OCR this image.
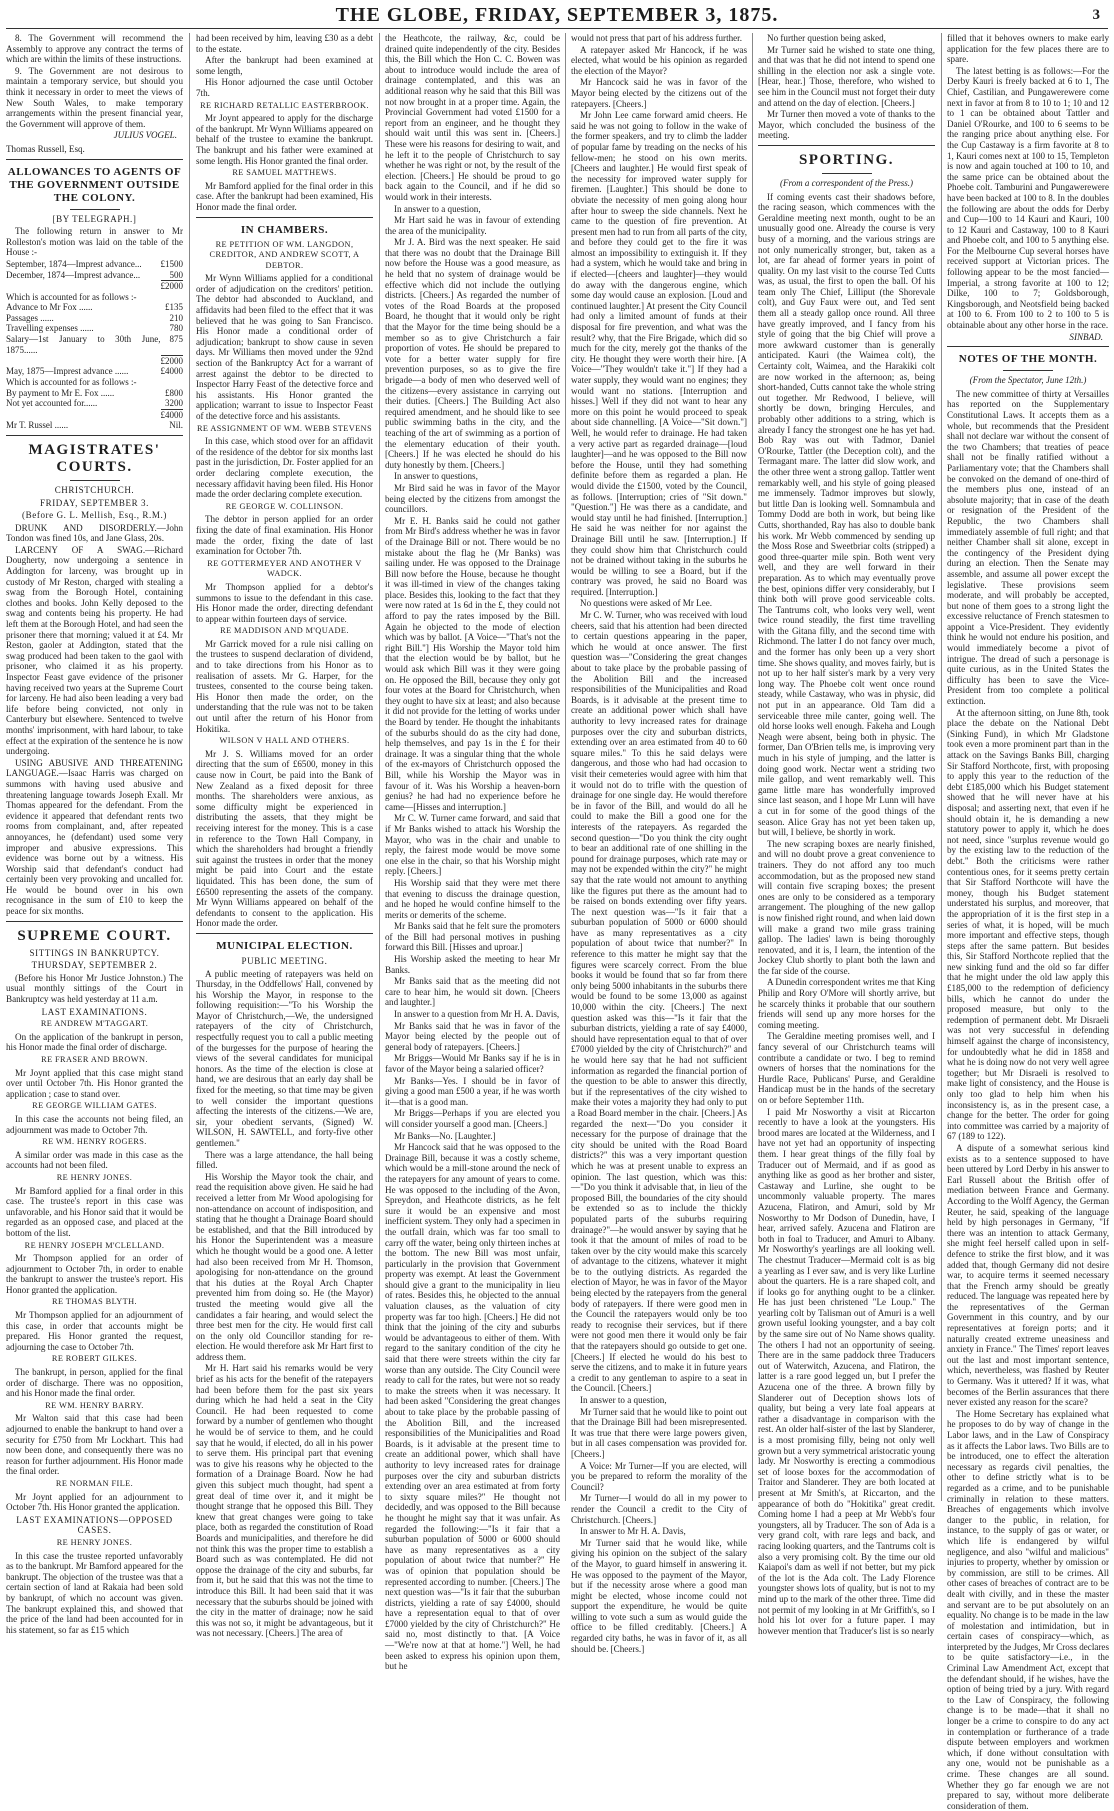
THE GLOBE, FRIDAY, SEPTEMBER 3, 1875.	3

8. The Government will recommend the Assembly to approve any contract the terms of which are within the limits of these instructions.

9. The Government are not desirous to maintain a temporary service, but should you think it necessary in order to meet the views of New South Wales, to make temporary arrangements within the present financial year, the Government will approve of them.

JULIUS VOGEL.

Thomas Russell, Esq.

ALLOWANCES TO AGENTS OF THE GOVERNMENT OUTSIDE THE COLONY.
[BY TELEGRAPH.]

The following return in answer to Mr Rolleston's motion was laid on the table of the House :-

September, 1874—Imprest advance...	£1500
December, 1874—Imprest advance...	500
	£2000
Which is accounted for as follows :-	
Advance to Mr Fox ......	£135
Passages ......	210
Travelling expenses ......	780
Salary—1st January to 30th June, 1875......	875
	£2000
May, 1875—Imprest advance ......	£4000
Which is accounted for as follows :-	
By payment to Mr E. Fox ......	£800
Not yet accounted for......	3200
	£4000
Mr T. Russel ......	Nil.
MAGISTRATES' COURTS.
CHRISTCHURCH.
FRIDAY, SEPTEMBER 3.
(Before G. L. Mellish, Esq., R.M.)

DRUNK AND DISORDERLY.—John Tondon was fined 10s, and Jane Glass, 20s.

LARCENY OF A SWAG.—Richard Dougherty, now undergoing a sentence in Addington for larceny, was brought up in custody of Mr Reston, charged with stealing a swag from the Borough Hotel, containing clothes and books. John Kelly deposed to the swag and contents being his property. He had left them at the Borough Hotel, and had seen the prisoner there that morning; valued it at £4. Mr Reston, gaoler at Addington, stated that the swag produced had been taken to the gaol with prisoner, who claimed it as his property. Inspector Feast gave evidence of the prisoner having received two years at the Supreme Court for larceny. He had also been leading a very bad life before being convicted, not only in Canterbury but elsewhere. Sentenced to twelve months' imprisonment, with hard labour, to take effect at the expiration of the sentence he is now undergoing.

USING ABUSIVE AND THREATENING LANGUAGE.—Isaac Harris was charged on summons with having used abusive and threatening language towards Joseph Exall. Mr Thomas appeared for the defendant. From the evidence it appeared that defendant rents two rooms from complainant, and, after repeated annoyances, he (defendant) used some very improper and abusive expressions. This evidence was borne out by a witness. His Worship said that defendant's conduct had certainly been very provoking and uncalled for. He would be bound over in his own recognisance in the sum of £10 to keep the peace for six months.

SUPREME COURT.
SITTINGS IN BANKRUPTCY.
THURSDAY, SEPTEMBER 2.

(Before his Honor Mr Justice Johnston.) The usual monthly sittings of the Court in Bankruptcy was held yesterday at 11 a.m.

LAST EXAMINATIONS.
RE ANDREW M'TAGGART.

On the application of the bankrupt in person, his Honor made the final order of discharge.

RE FRASER AND BROWN.

Mr Joynt applied that this case might stand over until October 7th. His Honor granted the application ; case to stand over.

RE GEORGE WILLIAM GATES.

In this case the accounts not being filed, an adjournment was made to October 7th.

RE WM. HENRY ROGERS.

A similar order was made in this case as the accounts had not been filed.

RE HENRY JONES.

Mr Bamford applied for a final order in this case. The trustee's report in this case was unfavorable, and his Honor said that it would be regarded as an opposed case, and placed at the bottom of the list.

RE HENRY JOSEPH M'CLELLAND.

Mr Thompson applied for an order of adjournment to October 7th, in order to enable the bankrupt to answer the trustee's report. His Honor granted the application.

RE THOMAS BLYTH.

Mr Thompson applied for an adjournment of this case, in order that accounts might be prepared. His Honor granted the request, adjourning the case to October 7th.

RE ROBERT GILKES.

The bankrupt, in person, applied for the final order of discharge. There was no opposition, and his Honor made the final order.

RE WM. HENRY BARRY.

Mr Walton said that this case had been adjourned to enable the bankrupt to hand over a security for £750 from Mr Lockhart. This had now been done, and consequently there was no reason for further adjournment. His Honor made the final order.

RE NORMAN FILE.

Mr Joynt applied for an adjournment to October 7th. His Honor granted the application.

LAST EXAMINATIONS—OPPOSED CASES.
RE HENRY JONES.

In this case the trustee reported unfavorably as to the bankrupt. Mr Bamford appeared for the bankrupt. The objection of the trustee was that a certain section of land at Rakaia had been sold by bankrupt, of which no account was given. The bankrupt explained this, and showed that the price of the land had been accounted for in his statement, so far as £15 which

had been received by him, leaving £30 as a debt to the estate.

After the bankrupt had been examined at some length,

His Honor adjourned the case until October 7th.

RE RICHARD RETALLIC EASTERBROOK.

Mr Joynt appeared to apply for the discharge of the bankrupt. Mr Wynn Williams appeared on behalf of the trustee to examine the bankrupt. The bankrupt and his father were examined at some length. His Honor granted the final order.

RE SAMUEL MATTHEWS.

Mr Bamford applied for the final order in this case. After the bankrupt had been examined, His Honor made the final order.

IN CHAMBERS.
RE PETITION OF WM. LANGDON, CREDITOR, AND ANDREW SCOTT, A DEBTOR.

Mr Wynn Williams applied for a conditional order of adjudication on the creditors' petition. The debtor had absconded to Auckland, and affidavits had been filed to the effect that it was believed that he was going to San Francisco. His Honor made a conditional order of adjudication; bankrupt to show cause in seven days. Mr Williams then moved under the 92nd section of the Bankruptcy Act for a warrant of arrest against the debtor to be directed to Inspector Harry Feast of the detective force and his assistants. His Honor granted the application; warrant to issue to Inspector Feast of the detective force and his assistants.

RE ASSIGNMENT OF WM. WEBB STEVENS

In this case, which stood over for an affidavit of the residence of the debtor for six months last past in the jurisdiction, Dr. Foster applied for an order declaring complete execution, the necessary affidavit having been filed. His Honor made the order declaring complete execution.

RE GEORGE W. COLLINSON.

The debtor in person applied for an order fixing the date of final examination. His Honor made the order, fixing the date of last examination for October 7th.

RE GOTTERMEYER AND ANOTHER V WADCK.

Mr Thompson applied for a debtor's summons to issue to the defendant in this case. His Honor made the order, directing defendant to appear within fourteen days of service.

RE MADDISON AND M'QUADE.

Mr Garrick moved for a rule nisi calling on the trustees to suspend declaration of dividend, and to take directions from his Honor as to realisation of assets. Mr G. Harper, for the trustees, consented to the course being taken. His Honor then made the order, on the understanding that the rule was not to be taken out until after the return of his Honor from Hokitika.

WILSON V HALL AND OTHERS.

Mr J. S. Williams moved for an order directing that the sum of £6500, money in this cause now in Court, be paid into the Bank of New Zealand as a fixed deposit for three months. The shareholders were anxious, as some difficulty might be experienced in distributing the assets, that they might be receiving interest for the money. This is a case in reference to the Town Hall Company, in which the shareholders had brought a friendly suit against the trustees in order that the money might be paid into Court and the estate liquidated. This has been done, the sum of £6500 representing the assets of the company. Mr Wynn Williams appeared on behalf of the defendants to consent to the application. His Honor made the order.

MUNICIPAL ELECTION.
PUBLIC MEETING.

A public meeting of ratepayers was held on Thursday, in the Oddfellows' Hall, convened by his Worship the Mayor, in response to the following requisition:—"To his Worship the Mayor of Christchurch,—We, the undersigned ratepayers of the city of Christchurch, respectfully request you to call a public meeting of the burgesses for the purpose of hearing the views of the several candidates for municipal honors. As the time of the election is close at hand, we are desirous that an early day shall be fixed for the meeting, so that time may be given to well consider the important questions affecting the interests of the citizens.—We are, sir, your obedient servants, (Signed) W. WILSON, H. SAWTELL, and forty-five other gentlemen."

There was a large attendance, the hall being filled.

His Worship the Mayor took the chair, and read the requisition above given. He said he had received a letter from Mr Wood apologising for non-attendance on account of indisposition, and stating that he thought a Drainage Board should be established, and that the Bill introduced by his Honor the Superintendent was a measure which he thought would be a good one. A letter had also been received from Mr H. Thomson, apologising for non-attendance on the ground that his duties at the Royal Arch Chapter prevented him from doing so. He (the Mayor) trusted the meeting would give all the candidates a fair hearing, and would select the three best men for the city. He would first call on the only old Councillor standing for re-election. He would therefore ask Mr Hart first to address them.

Mr H. Hart said his remarks would be very brief as his acts for the benefit of the ratepayers had been before them for the past six years during which he had held a seat in the City Council. He had been requested to come forward by a number of gentlemen who thought he would be of service to them, and he could say that he would, if elected, do all in his power to serve them. His principal part that evening was to give his reasons why he objected to the formation of a Drainage Board. Now he had given this subject much thought, had spent a great deal of time over it, and it might be thought strange that he opposed this Bill. They knew that great changes were going to take place, both as regarded the constitution of Road Boards and municipalities, and therefore he did not think this was the proper time to establish a Board such as was contemplated. He did not oppose the drainage of the city and suburbs, far from it, but he said that this was not the time to introduce this Bill. It had been said that it was necessary that the suburbs should be joined with the city in the matter of drainage; now he said this was not so, it might be advantageous, but it was not necessary. [Cheers.] The area of

the Heathcote, the railway, &c, could be drained quite independently of the city. Besides this, the Bill which the Hon C. C. Bowen was about to introduce would include the area of drainage contemplated, and this was an additional reason why he said that this Bill was not now brought in at a proper time. Again, the Provincial Government had voted £1500 for a report from an engineer, and he thought they should wait until this was sent in. [Cheers.] These were his reasons for desiring to wait, and he left it to the people of Christchurch to say whether he was right or not, by the result of the election. [Cheers.] He should be proud to go back again to the Council, and if he did so would work in their interests.

In answer to a question,

Mr Hart said he was in favour of extending the area of the municipality.

Mr J. A. Bird was the next speaker. He said that there was no doubt that the Drainage Bill now before the House was a good measure, as he held that no system of drainage would be effective which did not include the outlying districts. [Cheers.] As regarded the number of votes of the Road Boards at the proposed Board, he thought that it would only be right that the Mayor for the time being should be a member so as to give Christchurch a fair proportion of votes. He should be prepared to vote for a better water supply for fire prevention purposes, so as to give the fire brigade—a body of men who deserved well of the citizens—every assistance in carrying out their duties. [Cheers.] The Building Act also required amendment, and he should like to see public swimming baths in the city, and the teaching of the art of swimming as a portion of the elementary education of their youth. [Cheers.] If he was elected he should do his duty honestly by them. [Cheers.]

In answer to questions,

Mr Bird said he was in favor of the Mayor being elected by the citizens from amongst the councillors.

Mr E. H. Banks said he could not gather from Mr Bird's address whether he was in favor of the Drainage Bill or not. There would be no mistake about the flag he (Mr Banks) was sailing under. He was opposed to the Drainage Bill now before the House, because he thought it was ill-timed in view of the changes taking place. Besides this, looking to the fact that they were now rated at 1s 6d in the £, they could not afford to pay the rates imposed by the Bill. Again he objected to the mode of election which was by ballot. [A Voice—"That's not the right Bill."] His Worship the Mayor told him that the election would be by ballot, but he would ask which Bill was it they were going on. He opposed the Bill, because they only got four votes at the Board for Christchurch, when they ought to have six at least; and also because it did not provide for the letting of works under the Board by tender. He thought the inhabitants of the suburbs should do as the city had done, help themselves, and pay 1s in the £ for their drainage. It was a singular thing that the whole of the ex-mayors of Christchurch opposed the Bill, while his Worship the Mayor was in favour of it. Was his Worship a heaven-born genius? he had had no experience before he came—[Hisses and interruption.]

Mr C. W. Turner came forward, and said that if Mr Banks wished to attack his Worship the Mayor, who was in the chair and unable to reply, the fairest mode would be move some one else in the chair, so that his Worship might reply. [Cheers.]

His Worship said that they were met there that evening to discuss the drainage question, and he hoped he would confine himself to the merits or demerits of the scheme.

Mr Banks said that he felt sure the promoters of the Bill had personal motives in pushing forward this Bill. [Hisses and uproar.]

His Worship asked the meeting to hear Mr Banks.

Mr Banks said that as the meeting did not care to hear him, he would sit down. [Cheers and laughter.]

In answer to a question from Mr H. A. Davis,

Mr Banks said that he was in favor of the Mayor being elected by the people out of general body of ratepayers. [Cheers.]

Mr Briggs—Would Mr Banks say if he is in favor of the Mayor being a salaried officer?

Mr Banks—Yes. I should be in favor of giving a good man £500 a year, if he was worth it—that is a good man.

Mr Briggs—Perhaps if you are elected you will consider yourself a good man. [Cheers.]

Mr Banks—No. [Laughter.]

Mr Hancock said that he was opposed to the Drainage Bill, because it was a costly scheme, which would be a mill-stone around the neck of the ratepayers for any amount of years to come. He was opposed to the including of the Avon, Spreydon, and Heathcote districts, as he felt sure it would be an expensive and most inefficient system. They only had a specimen in the outfall drain, which was far too small to carry off the water, being only thirteen inches at the bottom. The new Bill was most unfair, particularly in the provision that Government property was exempt. At least the Government should give a grant to the municipality in lieu of rates. Besides this, he objected to the annual valuation clauses, as the valuation of city property was far too high. [Cheers.] He did not think that the joining of the city and suburbs would be advantageous to either of them. With regard to the sanitary condition of the city he said that there were streets within the city far worse than any outside. The City Council were ready to call for the rates, but were not so ready to make the streets when it was necessary. It had been asked "Considering the great changes about to take place by the probable passing of the Abolition Bill, and the increased responsibilities of the Municipalities and Road Boards, is it advisable at the present time to create an additional power, which shall have authority to levy increased rates for drainage purposes over the city and suburban districts extending over an area estimated at from forty to sixty square miles?" He thought not decidedly, and was opposed to the Bill because he thought he might say that it was unfair. As regarded the following:—"Is it fair that a suburban population of 5000 or 6000 should have as many representatives as a city population of about twice that number?" He was of opinion that population should be represented according to number. [Cheers.] The next question was—"Is it fair that the suburban districts, yielding a rate of say £4000, should have a representation equal to that of over £7000 yielded by the city of Christchurch?" He said no, most distinctly to that. [A Voice—"We're now at that at home."] Well, he had been asked to express his opinion upon them, but he

would not press that part of his address further.

A ratepayer asked Mr Hancock, if he was elected, what would be his opinion as regarded the election of the Mayor?

Mr Hancock said he was in favor of the Mayor being elected by the citizens out of the ratepayers. [Cheers.]

Mr John Lee came forward amid cheers. He said he was not going to follow in the wake of the former speakers, and try to climb the ladder of popular fame by treading on the necks of his fellow-men; he stood on his own merits. [Cheers and laughter.] He would first speak of the necessity for improved water supply for firemen. [Laughter.] This should be done to obviate the necessity of men going along hour after hour to sweep the side channels. Next he came to the question of fire prevention. At present men had to run from all parts of the city, and before they could get to the fire it was almost an impossibility to extinguish it. If they had a system, which he would take and bring in if elected—[cheers and laughter]—they would do away with the dangerous engine, which some day would cause an explosion. [Loud and continued laughter.] At present the City Council had only a limited amount of funds at their disposal for fire prevention, and what was the result? why, that the Fire Brigade, which did so much for the city, merely got the thanks of the city. He thought they were worth their hire. [A Voice—"They wouldn't take it."] If they had a water supply, they would want no engines; they would want no stations. [Interruption and hisses.] Well if they did not want to hear any more on this point he would proceed to speak about side channelling. [A Voice—"Sit down."] Well, he would refer to drainage. He had taken a very active part as regarded drainage—[loud laughter]—and he was opposed to the Bill now before the House, until they had something definite before them as regarded a plan. He would divide the £1500, voted by the Council, as follows. [Interruption; cries of "Sit down." "Question."] He was there as a candidate, and would stay until he had finished. [Interruption.] He said he was neither for nor against the Drainage Bill until he saw. [Interruption.] If they could show him that Christchurch could not be drained without taking in the suburbs he would be willing to see a Board, but if the contrary was proved, he said no Board was required. [Interruption.]

No questions were asked of Mr Lee.

Mr C. W. Turner, who was received with loud cheers, said that his attention had been directed to certain questions appearing in the paper, which he would at once answer. The first question was—"Considering the great changes about to take place by the probable passing of the Abolition Bill and the increased responsibilities of the Municipalities and Road Boards, is it advisable at the present time to create an additional power which shall have authority to levy increased rates for drainage purposes over the city and suburban districts, extending over an area estimated from 40 to 60 square miles." To this he said delays were dangerous, and those who had had occasion to visit their cemeteries would agree with him that it would not do to trifle with the question of drainage for one single day. He would therefore be in favor of the Bill, and would do all he could to make the Bill a good one for the interests of the ratepayers. As regarded the second question—"Do you think the city ought to bear an additional rate of one shilling in the pound for drainage purposes, which rate may or may not be expended within the city?" he might say that the rate would not amount to anything like the figures put there as the amount had to be raised on bonds extending over fifty years. The next question was—"Is it fair that a suburban population of 5000 or 6000 should have as many representatives as a city population of about twice that number?" In reference to this matter he might say that the figures were scarcely correct. From the blue books it would be found that so far from there only being 5000 inhabitants in the suburbs there would be found to be some 13,000 as against 10,000 within the city. [Cheers.] The next question asked was this—"Is it fair that the suburban districts, yielding a rate of say £4000, should have representation equal to that of over £7000 yielded by the city of Christchurch?" and he would here say that he had not sufficient information as regarded the financial portion of the question to be able to answer this directly, but if the representatives of the city wished to make their votes a majority they had only to put a Road Board member in the chair. [Cheers.] As regarded the next—"Do you consider it necessary for the purpose of drainage that the city should be united with the Road Board districts?" this was a very important question which he was at present unable to express an opinion. The last question, which was this:—"Do you think it advisable that, in lieu of the proposed Bill, the boundaries of the city should be extended so as to include the thickly populated parts of the suburbs requiring drainage?"—he would answer by saying that he took it that the amount of miles of road to be taken over by the city would make this scarcely of advantage to the citizens, whatever it might be to the outlying districts. As regarded the election of Mayor, he was in favor of the Mayor being elected by the ratepayers from the general body of ratepayers. If there were good men in the Council the ratepayers would only be too ready to recognise their services, but if there were not good men there it would only be fair that the ratepayers should go outside to get one. [Cheers.] If elected he would do his best to serve the citizens, and to make it in future years a credit to any gentleman to aspire to a seat in the Council. [Cheers.]

In answer to a question,

Mr Turner said that he would like to point out that the Drainage Bill had been misrepresented. It was true that there were large powers given, but in all cases compensation was provided for. [Cheers.]

A Voice: Mr Turner—If you are elected, will you be prepared to reform the morality of the Council?

Mr Turner—I would do all in my power to render the Council a credit to the City of Christchurch. [Cheers.]

In answer to Mr H. A. Davis,

Mr Turner said that he would like, while giving his opinion on the subject of the salary of the Mayor, to guard himself in answering it. He was opposed to the payment of the Mayor, but if the necessity arose where a good man might be elected, whose income could not support the expenditure, he would be quite willing to vote such a sum as would guide the office to be filled creditably. [Cheers.] A regarded city baths, he was in favor of it, as all should be. [Cheers.]

No further question being asked,

Mr Turner said he wished to state one thing, and that was that he did not intend to spend one shilling in the election nor ask a single vote. [Hear, hear.] Those, therefore, who wished to see him in the Council must not forget their duty and attend on the day of election. [Cheers.]

Mr Turner then moved a vote of thanks to the Mayor, which concluded the business of the meeting.

SPORTING.
(From a correspondent of the Press.)

If coming events cast their shadows before, the racing season, which commences with the Geraldine meeting next month, ought to be an unusually good one. Already the course is very busy of a morning, and the various strings are not only numerically stronger, but, taken as a lot, are far ahead of former years in point of quality. On my last visit to the course Ted Cutts was, as usual, the first to open the ball. Of his team only The Chief, Lilliput (the Shorevale colt), and Guy Faux were out, and Ted sent them all a steady gallop once round. All three have greatly improved, and I fancy from his style of going that the big Chief will prove a more awkward customer than is generally anticipated. Kauri (the Waimea colt), the Certainty colt, Waimea, and the Harakiki colt are now worked in the afternoon; as, being short-handed, Cutts cannot take the whole string out together. Mr Redwood, I believe, will shortly be down, bringing Hercules, and probably other additions to a string, which is already I fancy the strongest one he has yet had. Bob Ray was out with Tadmor, Daniel O'Rourke, Tattler (the Deception colt), and the Termagant mare. The latter did slow work, and the other three went a strong gallop. Tattler went remarkably well, and his style of going pleased me immensely. Tadmor improves but slowly, but little Dan is looking well. Somnambula and Tommy Dodd are both in work, but being like Cutts, shorthanded, Ray has also to double bank his work. Mr Webb commenced by sending up the Moss Rose and Sweetbriar colts (stripped) a good three-quarter mile spin. Both went very well, and they are well forward in their preparation. As to which may eventually prove the best, opinions differ very considerably, but I think both will prove good serviceable colts. The Tantrums colt, who looks very well, went twice round steadily, the first time travelling with the Gitana filly, and the second time with Richmond. The latter I do not fancy over much, and the former has only been up a very short time. She shows quality, and moves fairly, but is not up to her half sister's mark by a very very long way. The Phoebe colt went once round steady, while Castaway, who was in physic, did not put in an appearance. Old Tam did a serviceable three mile canter, going well. The old horse looks well enough. Fakeha and Lough Neagh were absent, being both in physic. The former, Dan O'Brien tells me, is improving very much in his style of jumping, and the latter is doing good work. Nectar went a striding two mile gallop, and went remarkably well. This game little mare has wonderfully improved since last season, and I hope Mr Lunn will have a cut in for some of the good things of the season. Alice Gray has not yet been taken up, but will, I believe, be shortly in work.

The new scraping boxes are nearly finished, and will no doubt prove a great convenience to trainers. They do not afford any too much accommodation, but as the proposed new stand will contain five scraping boxes; the present ones are only to be considered as a temporary arrangement. The ploughing of the new gallop is now finished right round, and when laid down will make a grand two mile grass training gallop. The ladies' lawn is being thoroughly renovated, and it is, I learn, the intention of the Jockey Club shortly to plant both the lawn and the far side of the course.

A Dunedin correspondent writes me that King Philip and Rory O'More will shortly arrive, but he scarcely thinks it probable that our southern friends will send up any more horses for the coming meeting.

The Geraldine meeting promises well, and I fancy several of our Christchurch teams will contribute a candidate or two. I beg to remind owners of horses that the nominations for the Hurdle Race, Publicans' Purse, and Geraldine Handicap must be in the hands of the secretary on or before September 11th.

I paid Mr Nosworthy a visit at Riccarton recently to have a look at the youngsters. His brood mares are located at the Wilderness, and I have not yet had an opportunity of inspecting them. I hear great things of the filly foal by Traducer out of Mermaid, and if as good as anything like as good as her brother and sister, Castaway and Lurline, she ought to be uncommonly valuable property. The mares Azucena, Flatiron, and Amuri, sold by Mr Nosworthy to Mr Dodson of Dunedin, have, I hear, arrived safely. Azucena and Flatiron are both in foal to Traducer, and Amuri to Albany. Mr Nosworthy's yearlings are all looking well. The chestnut Traducer—Mermaid colt is as big a yearling as I ever saw, and is very like Lurline about the quarters. He is a rare shaped colt, and if looks go for anything ought to be a clinker. He has just been christened "Le Loup." The yearling colt by Talisman out of Amuri is a well grown useful looking youngster, and a bay colt by the same sire out of No Name shows quality. The others I had not an opportunity of seeing. There are in the same paddock three Traducers out of Waterwitch, Azucena, and Flatiron, the latter is a rare good legged un, but I prefer the Azucena one of the three. A brown filly by Slanderer out of Deception shows lots of quality, but being a very late foal appears at rather a disadvantage in comparison with the rest. An older half-sister of the last by Slanderer, is a most promising filly, being not only well grown but a very symmetrical aristocratic young lady. Mr Nosworthy is erecting a commodious set of loose boxes for the accommodation of Traitor and Slanderer. They are both located at present at Mr Smith's, at Riccarton, and the appearance of both do "Hokitika" great credit. Coming home I had a peep at Mr Webb's four youngsters, all by Traducer. The son of Ada is a very grand colt, with rare legs and back, and racing looking quarters, and the Tantrums colt is also a very promising colt. By the time our old Kaiapoi's dam as well if not better, but my pick of the lot is the Ada colt. The Lady Florence youngster shows lots of quality, but is not to my mind up to the mark of the other three. Time did not permit of my looking in at Mr Griffith's, so I hold his lot over for a future paper. I may however mention that Traducer's list is so nearly

filled that it behoves owners to make early application for the few places there are to spare.

The latest betting is as follows:—For the Derby Kauri is freely backed at 6 to 1, The Chief, Castilian, and Pungawerewere come next in favor at from 8 to 10 to 1; 10 and 12 to 1 can be obtained about Tattler and Daniel O'Rourke, and 100 to 6 seems to be the ranging price about anything else. For the Cup Castaway is a firm favorite at 8 to 1, Kauri comes next at 100 to 15, Templeton is now and again touched at 100 to 10, and the same price can be obtained about the Phoebe colt. Tamburini and Pungawerewere have been backed at 100 to 8. In the doubles the following are about the odds for Derby and Cup—100 to 14 Kauri and Kauri, 100 to 12 Kauri and Castaway, 100 to 8 Kauri and Phoebe colt, and 100 to 5 anything else. For the Melbourne Cup several horses have received support at Victorian prices. The following appear to be the most fancied—Imperial, a strong favorite at 100 to 12; Dilke, 100 to 7; Goldsborough, Kingsborough, and Neotsfield being backed at 100 to 6. From 100 to 2 to 100 to 5 is obtainable about any other horse in the race.

SINBAD.
NOTES OF THE MONTH.
(From the Spectator, June 12th.)

The new committee of thirty at Versailles has reported on the Supplementary Constitutional Laws. It accepts them as a whole, but recommends that the President shall not declare war without the consent of the two Chambers; that treaties of peace shall not be finally ratified without a Parliamentary vote; that the Chambers shall be convoked on the demand of one-third of the members plus one, instead of an absolute majority; that in case of the death or resignation of the President of the Republic, the two Chambers shall immediately assemble of full right; and that neither Chamber shall sit alone, except in the contingency of the President dying during an election. Then the Senate may assemble, and assume all power except the legislative. These provisions seem moderate, and will probably be accepted, but none of them goes to a strong light the excessive reluctance of French statesmen to appoint a Vice-President. They evidently think he would not endure his position, and would immediately become a pivot of intrigue. The dread of such a personage is quite curious, as in the United States the difficulty has been to save the Vice-President from too complete a political extinction.

At the afternoon sitting, on June 8th, took place the debate on the National Debt (Sinking Fund), in which Mr Gladstone took even a more prominent part than in the attack on the Savings Banks Bill, charging Sir Stafford Northcote, first, with proposing to apply this year to the reduction of the debt £185,000 which his Budget statement showed that he will never have at his disposal; and asserting next, that even if he should obtain it, he is demanding a new statutory power to apply it, which he does not need, since "surplus revenue would go by the existing law to the reduction of the debt." Both the criticisms were rather contentious ones, for it seems pretty certain that Sir Stafford Northcote will have the money, though his Budget statement understated his surplus, and moreover, that the appropriation of it is the first step in a series of what, it is hoped, will be much more important and effective steps, though steps after the same pattern. But besides this, Sir Stafford Northcote replied that the new sinking fund and the old so far differ that he might under the old law apply this £185,000 to the redemption of deficiency bills, which he cannot do under the proposed measure, but only to the redemption of permanent debt. Mr Disraeli was not very successful in defending himself against the charge of inconsistency, for undoubtedly what he did in 1858 and what he is doing now do not very well agree together; but Mr Disraeli is resolved to make light of consistency, and the House is only too glad to help him when his inconsistency is, as in the present case, a change for the better. The order for going into committee was carried by a majority of 67 (189 to 122).

A dispute of a somewhat serious kind exists as to a sentence supposed to have been uttered by Lord Derby in his answer to Earl Russell about the British offer of mediation between France and Germany. According to the Wolff Agency, the German Reuter, he said, speaking of the language held by high personages in Germany, "If there was an intention to attack Germany, she might feel herself called upon in self-defence to strike the first blow, and it was added that, though Germany did not desire war, to acquire terms it seemed necessary that the French army should be greatly reduced. The language was repeated here by the representatives of the German Government in this country, and by our representatives at foreign ports; and it naturally created extreme uneasiness and anxiety in France." The Times' report leaves out the last and most important sentence, which, nevertheless, was flashed by Reuter to Germany. Was it uttered? If it was, what becomes of the Berlin assurances that there never existed any reason for the scare?

The Home Secretary has explained what he proposes to do by way of change in the Labor laws, and in the Law of Conspiracy as it affects the Labor laws. Two Bills are to be introduced, one to effect the alteration necessary as regards civil penalties, the other to define strictly what is to be regarded as a crime, and to be punishable criminally in relation to these matters. Breaches of engagements which involve danger to the public, in relation, for instance, to the supply of gas or water, or which life is endangered by wilful negligence, and also "wilful and malicious" injuries to property, whether by omission or by commission, are still to be crimes. All other cases of breaches of contract are to be dealt with civilly, and in these the master and servant are to be put absolutely on an equality. No change is to be made in the law of molestation and intimidation, but in certain cases of conspiracy—which, as interpreted by the Judges, Mr Cross declares to be quite satisfactory—i.e., in the Criminal Law Amendment Act, except that the defendant should, if he wishes, have the option of being tried by a jury. With regard to the Law of Conspiracy, the following change is to be made—that it shall no longer be a crime to conspire to do any act in contemplation or furtherance of a trade dispute between employers and workmen which, if done without consultation with any one, would not be punishable as a crime. These changes are all sound. Whether they go far enough we are not prepared to say, without more deliberate consideration of them.
